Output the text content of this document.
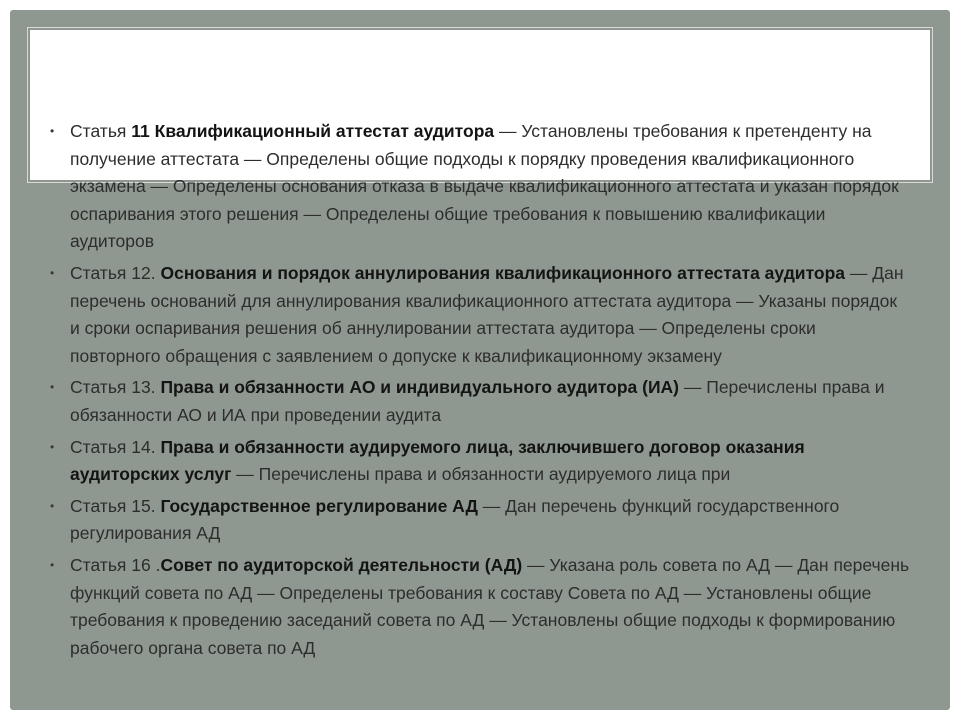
• Статья 11 Квалификационный аттестат аудитора — Установлены требования к претенденту на получение аттестата — Определены общие подходы к порядку проведения квалификационного экзамена — Определены основания отказа в выдаче квалификационного аттестата и указан порядок оспаривания этого решения — Определены общие требования к повышению квалификации аудиторов
• Статья 12. Основания и порядок аннулирования квалификационного аттестата аудитора — Дан перечень оснований для аннулирования квалификационного аттестата аудитора — Указаны порядок и сроки оспаривания решения об аннулировании аттестата аудитора — Определены сроки повторного обращения с заявлением о допуске к квалификационному экзамену
• Статья 13. Права и обязанности АО и индивидуального аудитора (ИА) — Перечислены права и обязанности АО и ИА при проведении аудита
• Статья 14. Права и обязанности аудируемого лица, заключившего договор оказания аудиторских услуг — Перечислены права и обязанности аудируемого лица при
• Статья 15. Государственное регулирование АД — Дан перечень функций государственного регулирования АД
• Статья 16 .Совет по аудиторской деятельности (АД) — Указана роль совета по АД — Дан перечень функций совета по АД — Определены требования к составу Совета по АД — Установлены общие требования к проведению заседаний совета по АД — Установлены общие подходы к формированию рабочего органа совета по АД
